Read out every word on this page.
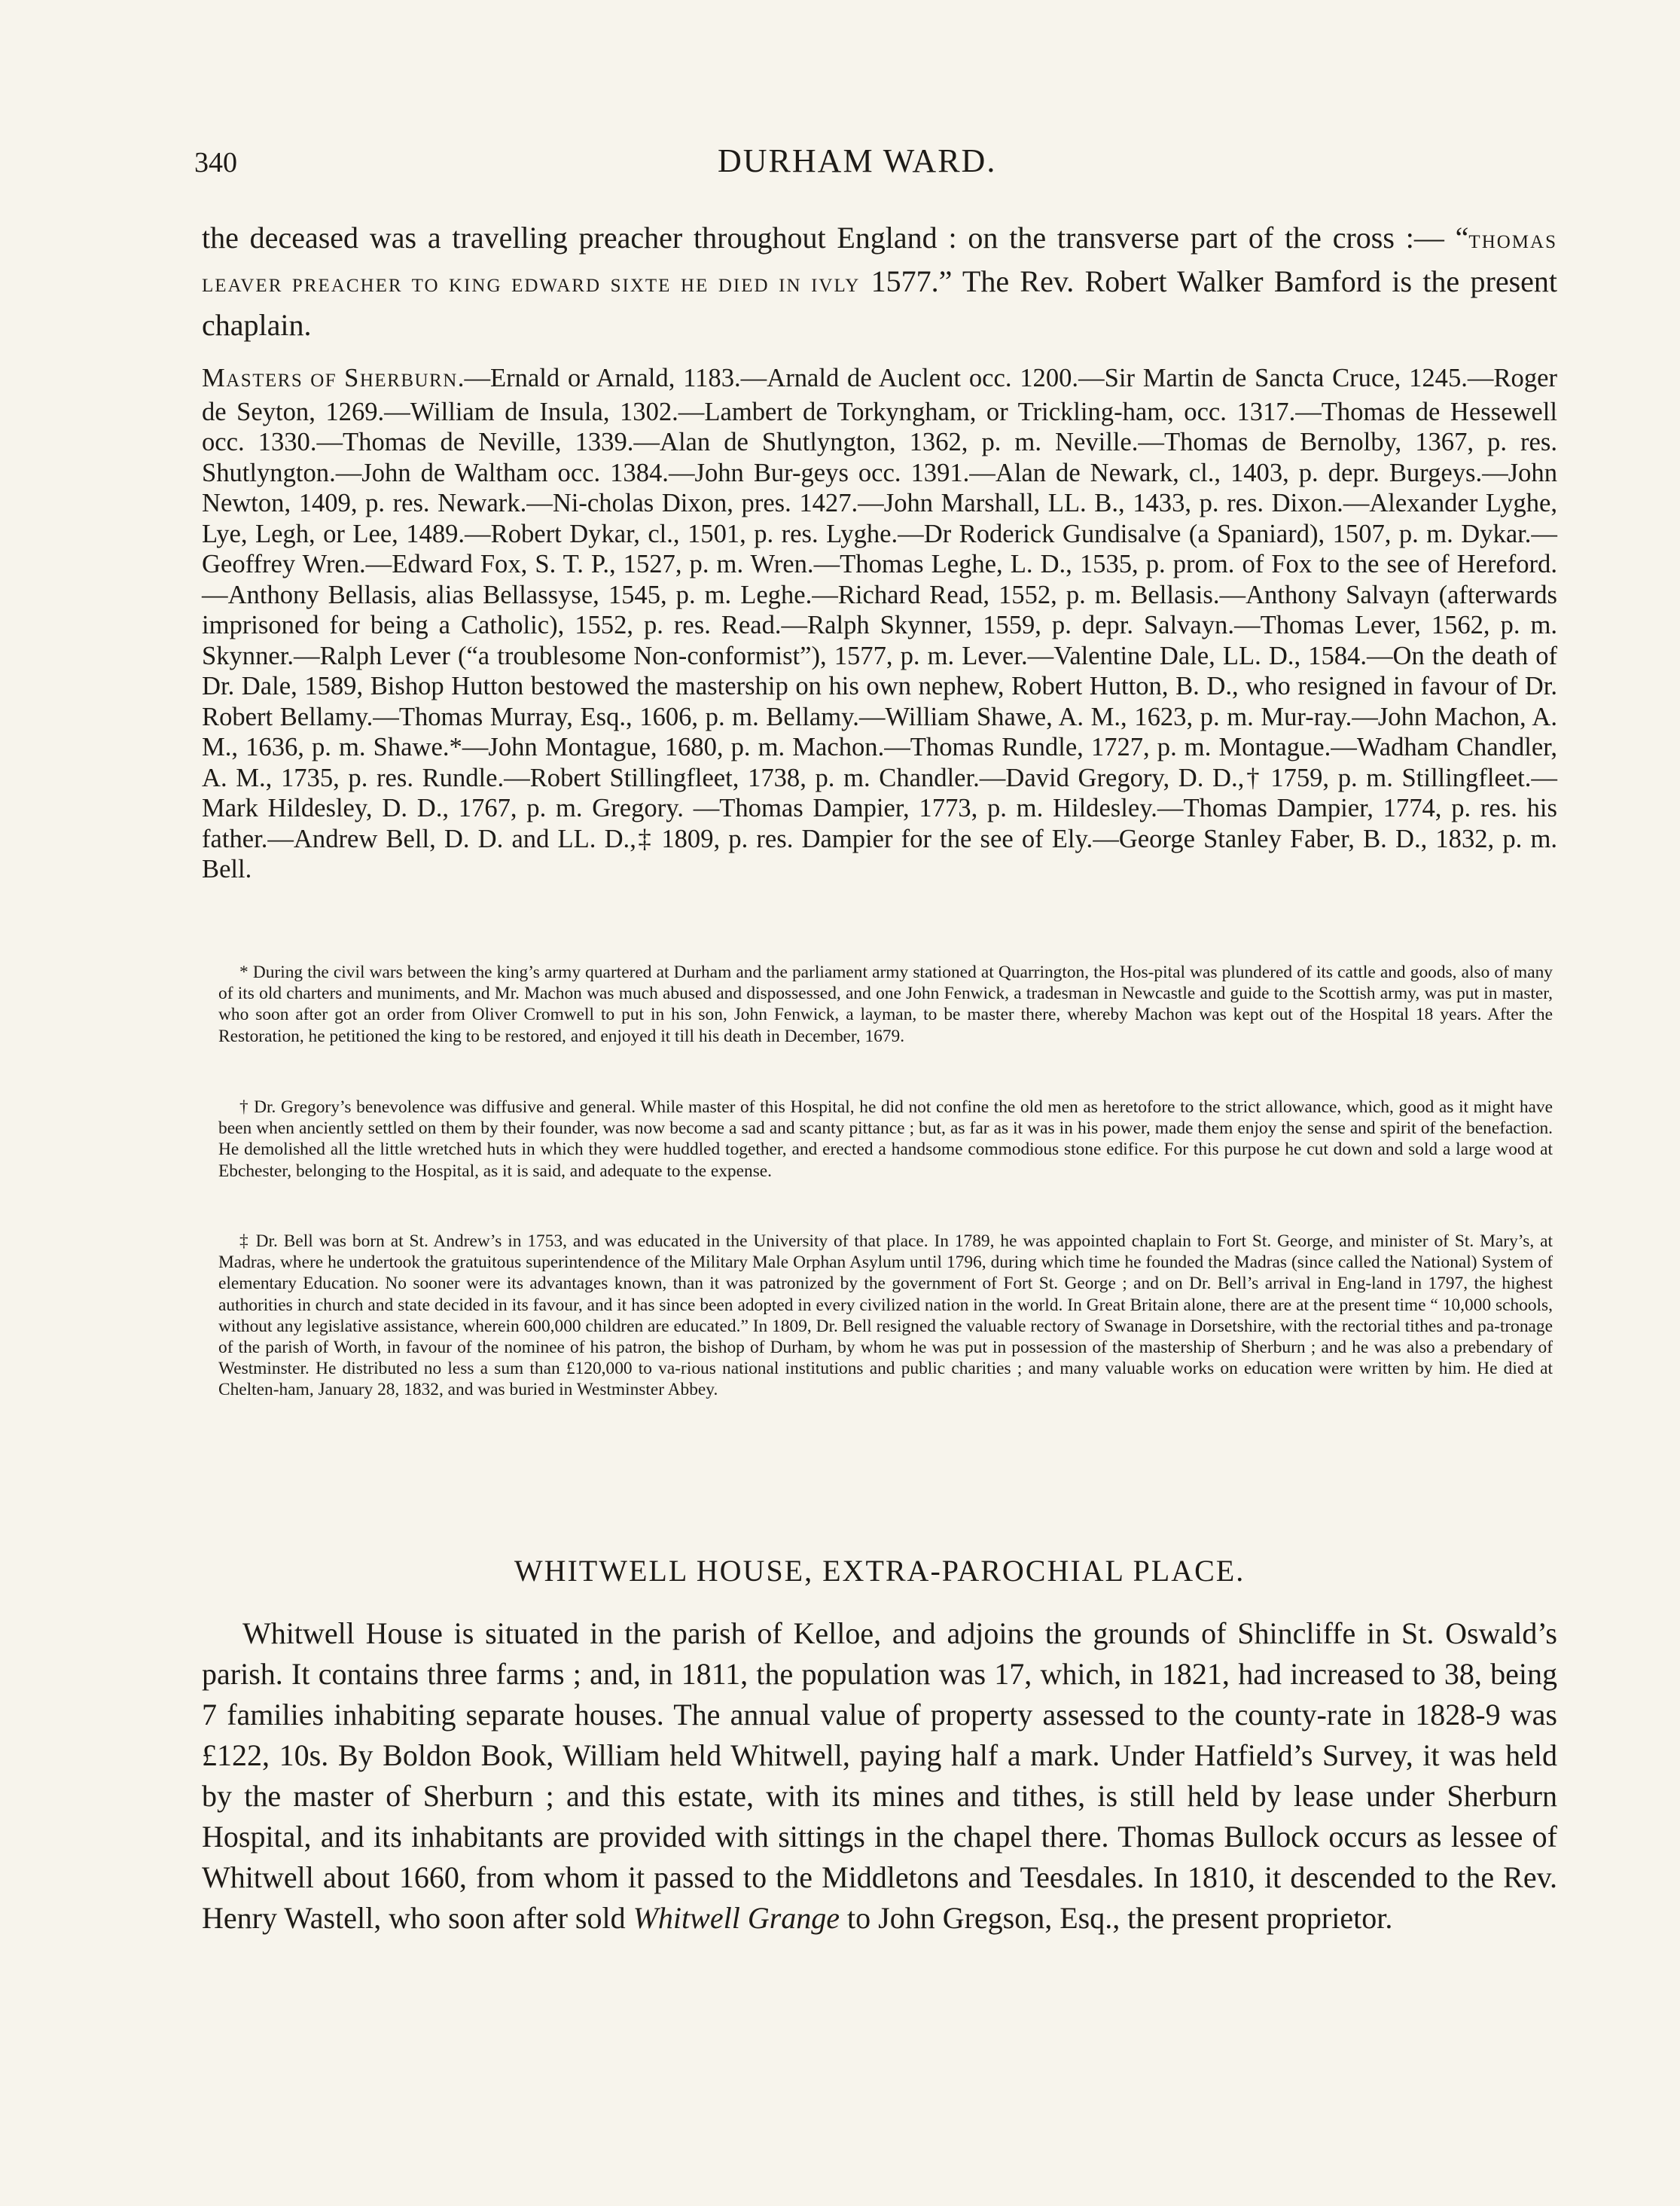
340	DURHAM WARD.

the deceased was a travelling preacher throughout England : on the transverse part of the cross :— “THOMAS LEAVER PREACHER TO KING EDWARD SIXTE HE DIED IN IVLY 1577.” The Rev. Robert Walker Bamford is the present chaplain.

MASTERS OF SHERBURN.—Ernald or Arnald, 1183.—Arnald de Auclent occ. 1200.—Sir Martin de Sancta Cruce, 1245.—Roger de Seyton, 1269.—William de Insula, 1302.—Lambert de Torkyngham, or Trickling-ham, occ. 1317.—Thomas de Hessewell occ. 1330.—Thomas de Neville, 1339.—Alan de Shutlyngton, 1362, p. m. Neville.—Thomas de Bernolby, 1367, p. res. Shutlyngton.—John de Waltham occ. 1384.—John Bur-geys occ. 1391.—Alan de Newark, cl., 1403, p. depr. Burgeys.—John Newton, 1409, p. res. Newark.—Ni-cholas Dixon, pres. 1427.—John Marshall, LL. B., 1433, p. res. Dixon.—Alexander Lyghe, Lye, Legh, or Lee, 1489.—Robert Dykar, cl., 1501, p. res. Lyghe.—Dr Roderick Gundisalve (a Spaniard), 1507, p. m. Dykar.—Geoffrey Wren.—Edward Fox, S. T. P., 1527, p. m. Wren.—Thomas Leghe, L. D., 1535, p. prom. of Fox to the see of Hereford.—Anthony Bellasis, alias Bellassyse, 1545, p. m. Leghe.—Richard Read, 1552, p. m. Bellasis.—Anthony Salvayn (afterwards imprisoned for being a Catholic), 1552, p. res. Read.—Ralph Skynner, 1559, p. depr. Salvayn.—Thomas Lever, 1562, p. m. Skynner.—Ralph Lever (“a troublesome Non-conformist”), 1577, p. m. Lever.—Valentine Dale, LL. D., 1584.—On the death of Dr. Dale, 1589, Bishop Hutton bestowed the mastership on his own nephew, Robert Hutton, B. D., who resigned in favour of Dr. Robert Bellamy.—Thomas Murray, Esq., 1606, p. m. Bellamy.—William Shawe, A. M., 1623, p. m. Mur-ray.—John Machon, A. M., 1636, p. m. Shawe.*—John Montague, 1680, p. m. Machon.—Thomas Rundle, 1727, p. m. Montague.—Wadham Chandler, A. M., 1735, p. res. Rundle.—Robert Stillingfleet, 1738, p. m. Chandler.—David Gregory, D. D.,† 1759, p. m. Stillingfleet.—Mark Hildesley, D. D., 1767, p. m. Gregory. —Thomas Dampier, 1773, p. m. Hildesley.—Thomas Dampier, 1774, p. res. his father.—Andrew Bell, D. D. and LL. D.,‡ 1809, p. res. Dampier for the see of Ely.—George Stanley Faber, B. D., 1832, p. m. Bell.

* During the civil wars between the king’s army quartered at Durham and the parliament army stationed at Quarrington, the Hos-pital was plundered of its cattle and goods, also of many of its old charters and muniments, and Mr. Machon was much abused and dispossessed, and one John Fenwick, a tradesman in Newcastle and guide to the Scottish army, was put in master, who soon after got an order from Oliver Cromwell to put in his son, John Fenwick, a layman, to be master there, whereby Machon was kept out of the Hospital 18 years. After the Restoration, he petitioned the king to be restored, and enjoyed it till his death in December, 1679.

† Dr. Gregory’s benevolence was diffusive and general. While master of this Hospital, he did not confine the old men as heretofore to the strict allowance, which, good as it might have been when anciently settled on them by their founder, was now become a sad and scanty pittance ; but, as far as it was in his power, made them enjoy the sense and spirit of the benefaction. He demolished all the little wretched huts in which they were huddled together, and erected a handsome commodious stone edifice. For this purpose he cut down and sold a large wood at Ebchester, belonging to the Hospital, as it is said, and adequate to the expense.

‡ Dr. Bell was born at St. Andrew’s in 1753, and was educated in the University of that place. In 1789, he was appointed chaplain to Fort St. George, and minister of St. Mary’s, at Madras, where he undertook the gratuitous superintendence of the Military Male Orphan Asylum until 1796, during which time he founded the Madras (since called the National) System of elementary Education. No sooner were its advantages known, than it was patronized by the government of Fort St. George ; and on Dr. Bell’s arrival in Eng-land in 1797, the highest authorities in church and state decided in its favour, and it has since been adopted in every civilized nation in the world. In Great Britain alone, there are at the present time “ 10,000 schools, without any legislative assistance, wherein 600,000 children are educated.” In 1809, Dr. Bell resigned the valuable rectory of Swanage in Dorsetshire, with the rectorial tithes and pa-tronage of the parish of Worth, in favour of the nominee of his patron, the bishop of Durham, by whom he was put in possession of the mastership of Sherburn ; and he was also a prebendary of Westminster. He distributed no less a sum than £120,000 to va-rious national institutions and public charities ; and many valuable works on education were written by him. He died at Chelten-ham, January 28, 1832, and was buried in Westminster Abbey.

WHITWELL HOUSE, EXTRA-PAROCHIAL PLACE.

Whitwell House is situated in the parish of Kelloe, and adjoins the grounds of Shincliffe in St. Oswald’s parish. It contains three farms ; and, in 1811, the population was 17, which, in 1821, had increased to 38, being 7 families inhabiting separate houses. The annual value of property assessed to the county-rate in 1828-9 was £122, 10s. By Boldon Book, William held Whitwell, paying half a mark. Under Hatfield’s Survey, it was held by the master of Sherburn ; and this estate, with its mines and tithes, is still held by lease under Sherburn Hospital, and its inhabitants are provided with sittings in the chapel there. Thomas Bullock occurs as lessee of Whitwell about 1660, from whom it passed to the Middletons and Teesdales. In 1810, it descended to the Rev. Henry Wastell, who soon after sold Whitwell Grange to John Gregson, Esq., the present proprietor.
